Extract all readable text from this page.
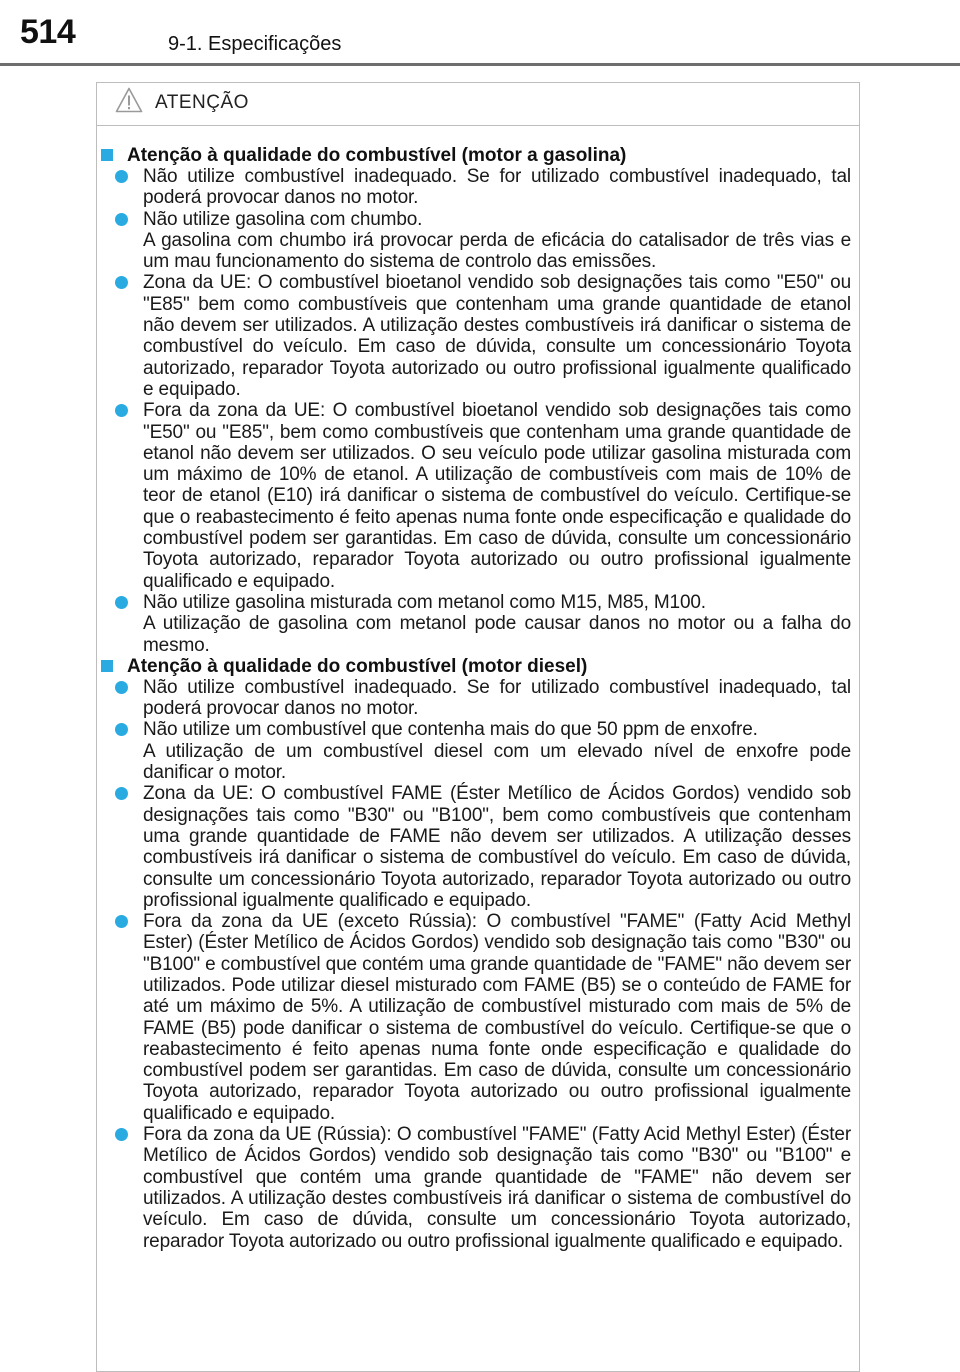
514	9-1. Especificações
ATENÇÃO
Atenção à qualidade do combustível (motor a gasolina)

Não utilize combustível inadequado. Se for utilizado combustível inadequado, tal poderá provocar danos no motor.

Não utilize gasolina com chumbo.

A gasolina com chumbo irá provocar perda de eficácia do catalisador de três vias e um mau funcionamento do sistema de controlo das emissões.

Zona da UE: O combustível bioetanol vendido sob designações tais como "E50" ou "E85" bem como combustíveis que contenham uma grande quantidade de etanol não devem ser utilizados. A utilização destes combustíveis irá danificar o sistema de combustível do veículo. Em caso de dúvida, consulte um concessionário Toyota autorizado, reparador Toyota autorizado ou outro profissional igualmente qualificado e equipado.

Fora da zona da UE: O combustível bioetanol vendido sob designações tais como "E50" ou "E85", bem como combustíveis que contenham uma grande quantidade de etanol não devem ser utilizados. O seu veículo pode utilizar gasolina misturada com um máximo de 10% de etanol. A utilização de combustíveis com mais de 10% de teor de etanol (E10) irá danificar o sistema de combustível do veículo. Certifique-se que o reabastecimento é feito apenas numa fonte onde especificação e qualidade do combustível podem ser garantidas. Em caso de dúvida, consulte um concessionário Toyota autorizado, reparador Toyota autorizado ou outro profissional igualmente qualificado e equipado.

Não utilize gasolina misturada com metanol como M15, M85, M100.

A utilização de gasolina com metanol pode causar danos no motor ou a falha do mesmo.

Atenção à qualidade do combustível (motor diesel)

Não utilize combustível inadequado. Se for utilizado combustível inadequado, tal poderá provocar danos no motor.

Não utilize um combustível que contenha mais do que 50 ppm de enxofre.

A utilização de um combustível diesel com um elevado nível de enxofre pode danificar o motor.

Zona da UE: O combustível FAME (Éster Metílico de Ácidos Gordos) vendido sob designações tais como "B30" ou "B100", bem como combustíveis que contenham uma grande quantidade de FAME não devem ser utilizados. A utilização desses combustíveis irá danificar o sistema de combustível do veículo. Em caso de dúvida, consulte um concessionário Toyota autorizado, reparador Toyota autorizado ou outro profissional igualmente qualificado e equipado.

Fora da zona da UE (exceto Rússia): O combustível "FAME" (Fatty Acid Methyl Ester) (Éster Metílico de Ácidos Gordos) vendido sob designação tais como "B30" ou "B100" e combustível que contém uma grande quantidade de "FAME" não devem ser utilizados. Pode utilizar diesel misturado com FAME (B5) se o conteúdo de FAME for até um máximo de 5%. A utilização de combustível misturado com mais de 5% de FAME (B5) pode danificar o sistema de combustível do veículo. Certifique-se que o reabastecimento é feito apenas numa fonte onde especificação e qualidade do combustível podem ser garantidas. Em caso de dúvida, consulte um concessionário Toyota autorizado, reparador Toyota autorizado ou outro profissional igualmente qualificado e equipado.

Fora da zona da UE (Rússia): O combustível "FAME" (Fatty Acid Methyl Ester) (Éster Metílico de Ácidos Gordos) vendido sob designação tais como "B30" ou "B100" e combustível que contém uma grande quantidade de "FAME" não devem ser utilizados. A utilização destes combustíveis irá danificar o sistema de combustível do veículo. Em caso de dúvida, consulte um concessionário Toyota autorizado, reparador Toyota autorizado ou outro profissional igualmente qualificado e equipado.
